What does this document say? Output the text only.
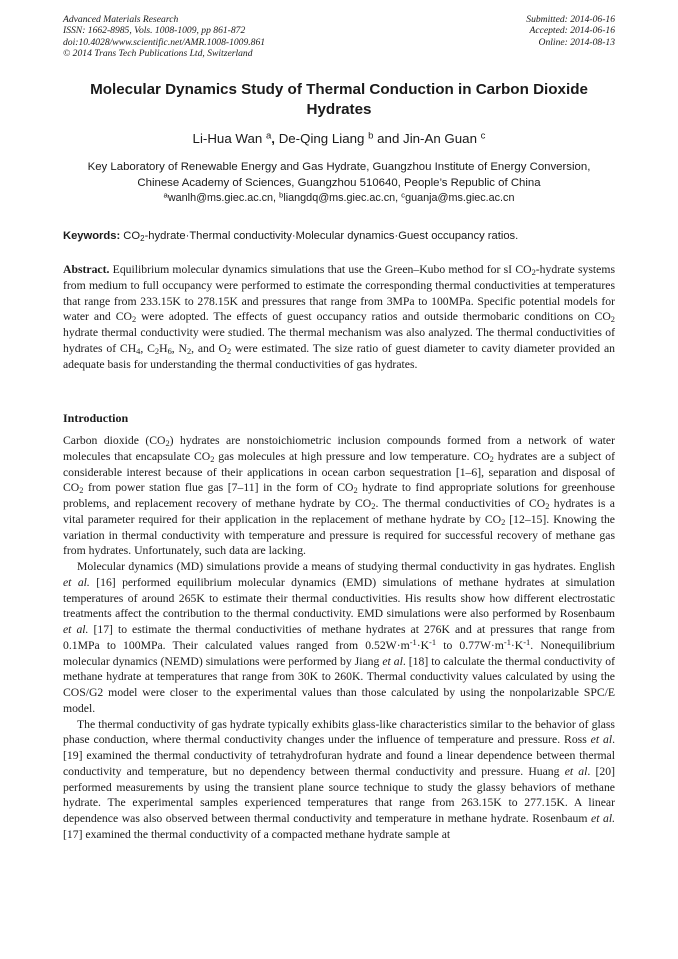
Advanced Materials Research
ISSN: 1662-8985, Vols. 1008-1009, pp 861-872
doi:10.4028/www.scientific.net/AMR.1008-1009.861
© 2014 Trans Tech Publications Ltd, Switzerland
Submitted: 2014-06-16
Accepted: 2014-06-16
Online: 2014-08-13
Molecular Dynamics Study of Thermal Conduction in Carbon Dioxide Hydrates
Li-Hua Wan $^a$, De-Qing Liang $^b$ and Jin-An Guan $^c$
Key Laboratory of Renewable Energy and Gas Hydrate, Guangzhou Institute of Energy Conversion,
Chinese Academy of Sciences, Guangzhou 510640, People’s Republic of China
$^a$wanlh@ms.giec.ac.cn, $^b$liangdq@ms.giec.ac.cn, $^c$guanja@ms.giec.ac.cn
Keywords: $CO_2-hydrate\cdot Thermal$ conductivity·Molecular dynamics·Guest occupancy ratios.

Abstract. Equilibrium molecular dynamics simulations that use the Green–Kubo method for sI $CO_2$-hydrate systems from medium to full occupancy were performed to estimate the corresponding thermal conductivities at temperatures that range from 233.15K to 278.15K and pressures that range from 3MPa to 100MPa. Specific potential models for water and $CO_2$ were adopted. The effects of guest occupancy ratios and outside thermobaric conditions on $CO_2$ hydrate thermal conductivity were studied. The thermal mechanism was also analyzed. The thermal conductivities of hydrates of $CH_4$, $C_2H_6$, $N_2$, and $O_2$ were estimated. The size ratio of guest diameter to cavity diameter provided an adequate basis for understanding the thermal conductivities of gas hydrates.

Introduction

Carbon dioxide $(CO_2)$ hydrates are nonstoichiometric inclusion compounds formed from a network of water molecules that encapsulate $CO_2$ gas molecules at high pressure and low temperature. $CO_2$ hydrates are a subject of considerable interest because of their applications in ocean carbon sequestration [1–6], separation and disposal of $CO_2$ from power station flue gas [7–11] in the form of $CO_2$ hydrate to find appropriate solutions for greenhouse problems, and replacement recovery of methane hydrate by $CO_2$. The thermal conductivities of $CO_2$ hydrates is a vital parameter required for their application in the replacement of methane hydrate by $CO_2$ [12–15]. Knowing the variation in thermal conductivity with temperature and pressure is required for successful recovery of methane gas from hydrates. Unfortunately, such data are lacking.

Molecular dynamics (MD) simulations provide a means of studying thermal conductivity in gas hydrates. English et al. [16] performed equilibrium molecular dynamics (EMD) simulations of methane hydrates at simulation temperatures of around 265K to estimate their thermal conductivities. His results show how different electrostatic treatments affect the contribution to the thermal conductivity. EMD simulations were also performed by Rosenbaum et al. [17] to estimate the thermal conductivities of methane hydrates at 276K and at pressures that range from 0.1MPa to 100MPa. Their calculated values ranged from $0.52W\cdot m^{-1}\cdot K^{-1}$ to $0.77W\cdot m^{-1}\cdot K^{-1}$. Nonequilibrium molecular dynamics (NEMD) simulations were performed by Jiang et al. [18] to calculate the thermal conductivity of methane hydrate at temperatures that range from 30K to 260K. Thermal conductivity values calculated by using the COS/G2 model were closer to the experimental values than those calculated by using the nonpolarizable SPC/E model.

The thermal conductivity of gas hydrate typically exhibits glass-like characteristics similar to the behavior of glass phase conduction, where thermal conductivity changes under the influence of temperature and pressure. Ross et al. [19] examined the thermal conductivity of tetrahydrofuran hydrate and found a linear dependence between thermal conductivity and temperature, but no dependency between thermal conductivity and pressure. Huang et al. [20] performed measurements by using the transient plane source technique to study the glassy behaviors of methane hydrate. The experimental samples experienced temperatures that range from 263.15K to 277.15K. A linear dependence was also observed between thermal conductivity and temperature in methane hydrate. Rosenbaum et al. [17] examined the thermal conductivity of a compacted methane hydrate sample at
